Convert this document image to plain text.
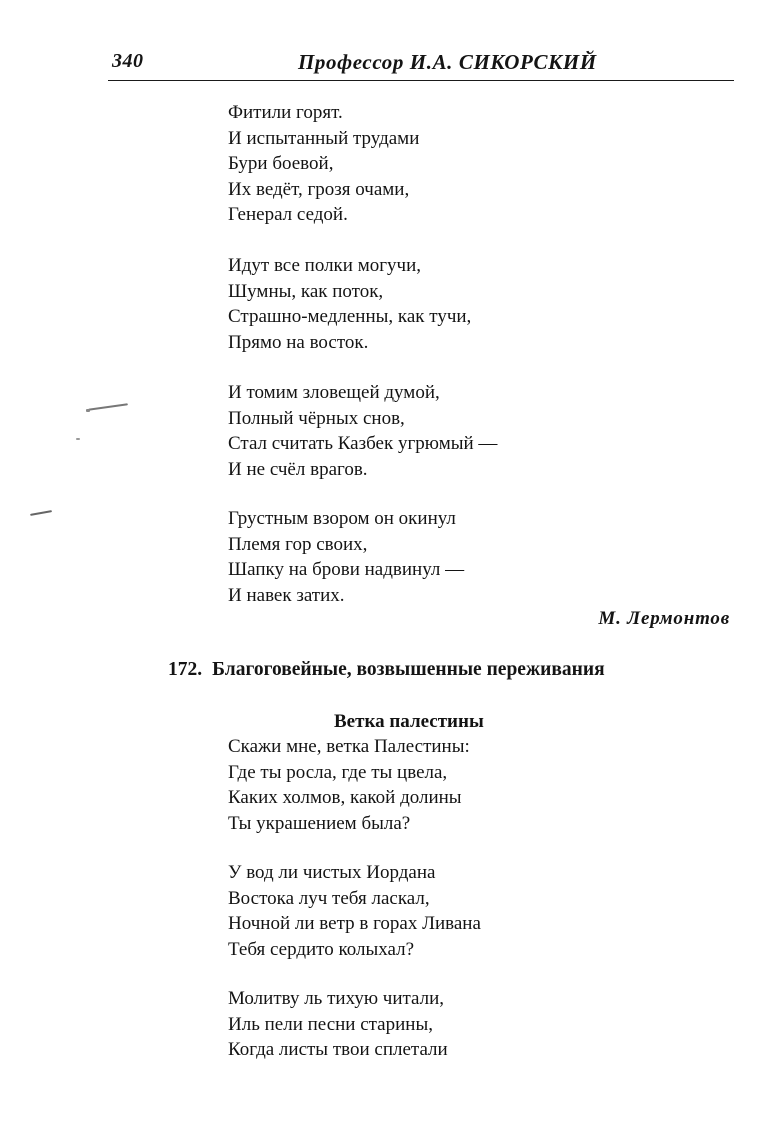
340	Профессор И.А. СИКОРСКИЙ
Фитили горят.
И испытанный трудами
Бури боевой,
Их ведёт, грозя очами,
Генерал седой.
Идут все полки могучи,
Шумны, как поток,
Страшно-медленны, как тучи,
Прямо на восток.
И томим зловещей думой,
Полный чёрных снов,
Стал считать Казбек угрюмый —
И не счёл врагов.
Грустным взором он окинул
Племя гор своих,
Шапку на брови надвинул —
И навек затих.
М. Лермонтов
172. Благоговейные, возвышенные переживания
Ветка палестины
Скажи мне, ветка Палестины:
Где ты росла, где ты цвела,
Каких холмов, какой долины
Ты украшением была?
У вод ли чистых Иордана
Востока луч тебя ласкал,
Ночной ли ветр в горах Ливана
Тебя сердито колыхал?
Молитву ль тихую читали,
Иль пели песни старины,
Когда листы твои сплетали
